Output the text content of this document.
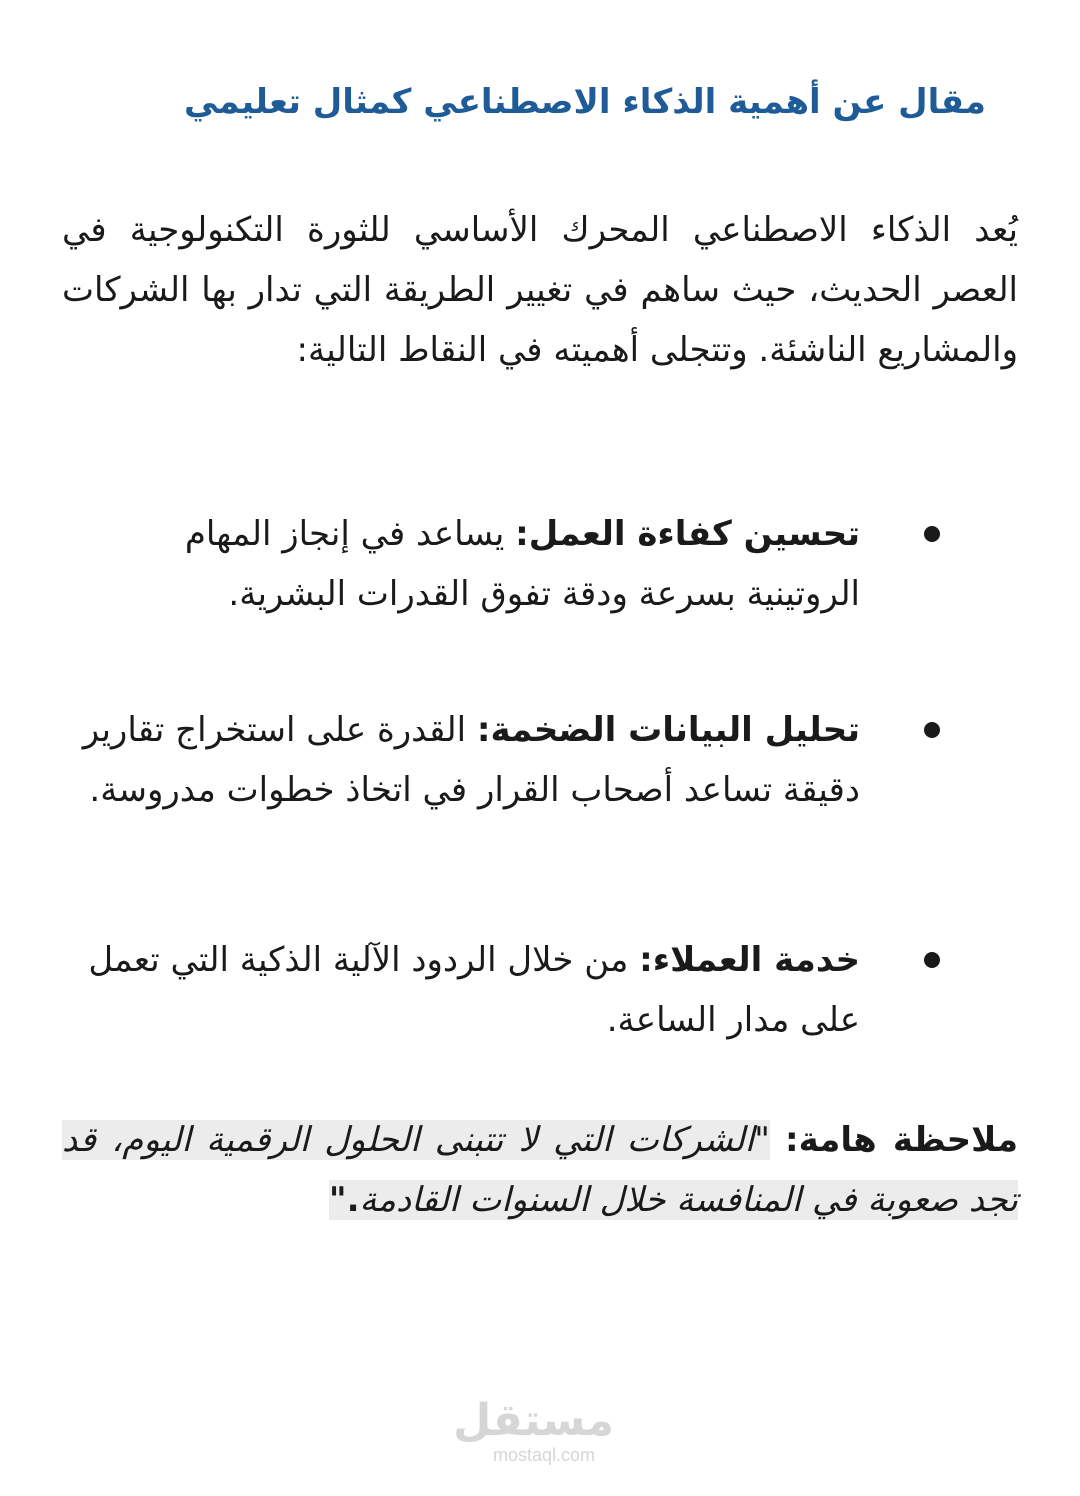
مقال عن أهمية الذكاء الاصطناعي كمثال تعليمي

يُعد الذكاء الاصطناعي المحرك الأساسي للثورة التكنولوجية في العصر الحديث، حيث ساهم في تغيير الطريقة التي تدار بها الشركات والمشاريع الناشئة. وتتجلى أهميته في النقاط التالية:

تحسين كفاءة العمل: يساعد في إنجاز المهام الروتينية بسرعة ودقة تفوق القدرات البشرية.

تحليل البيانات الضخمة: القدرة على استخراج تقارير دقيقة تساعد أصحاب القرار في اتخاذ خطوات مدروسة.

خدمة العملاء: من خلال الردود الآلية الذكية التي تعمل على مدار الساعة.

ملاحظة هامة: "الشركات التي لا تتبنى الحلول الرقمية اليوم، قد تجد صعوبة في المنافسة خلال السنوات القادمة."

مستقل
mostaql.com
